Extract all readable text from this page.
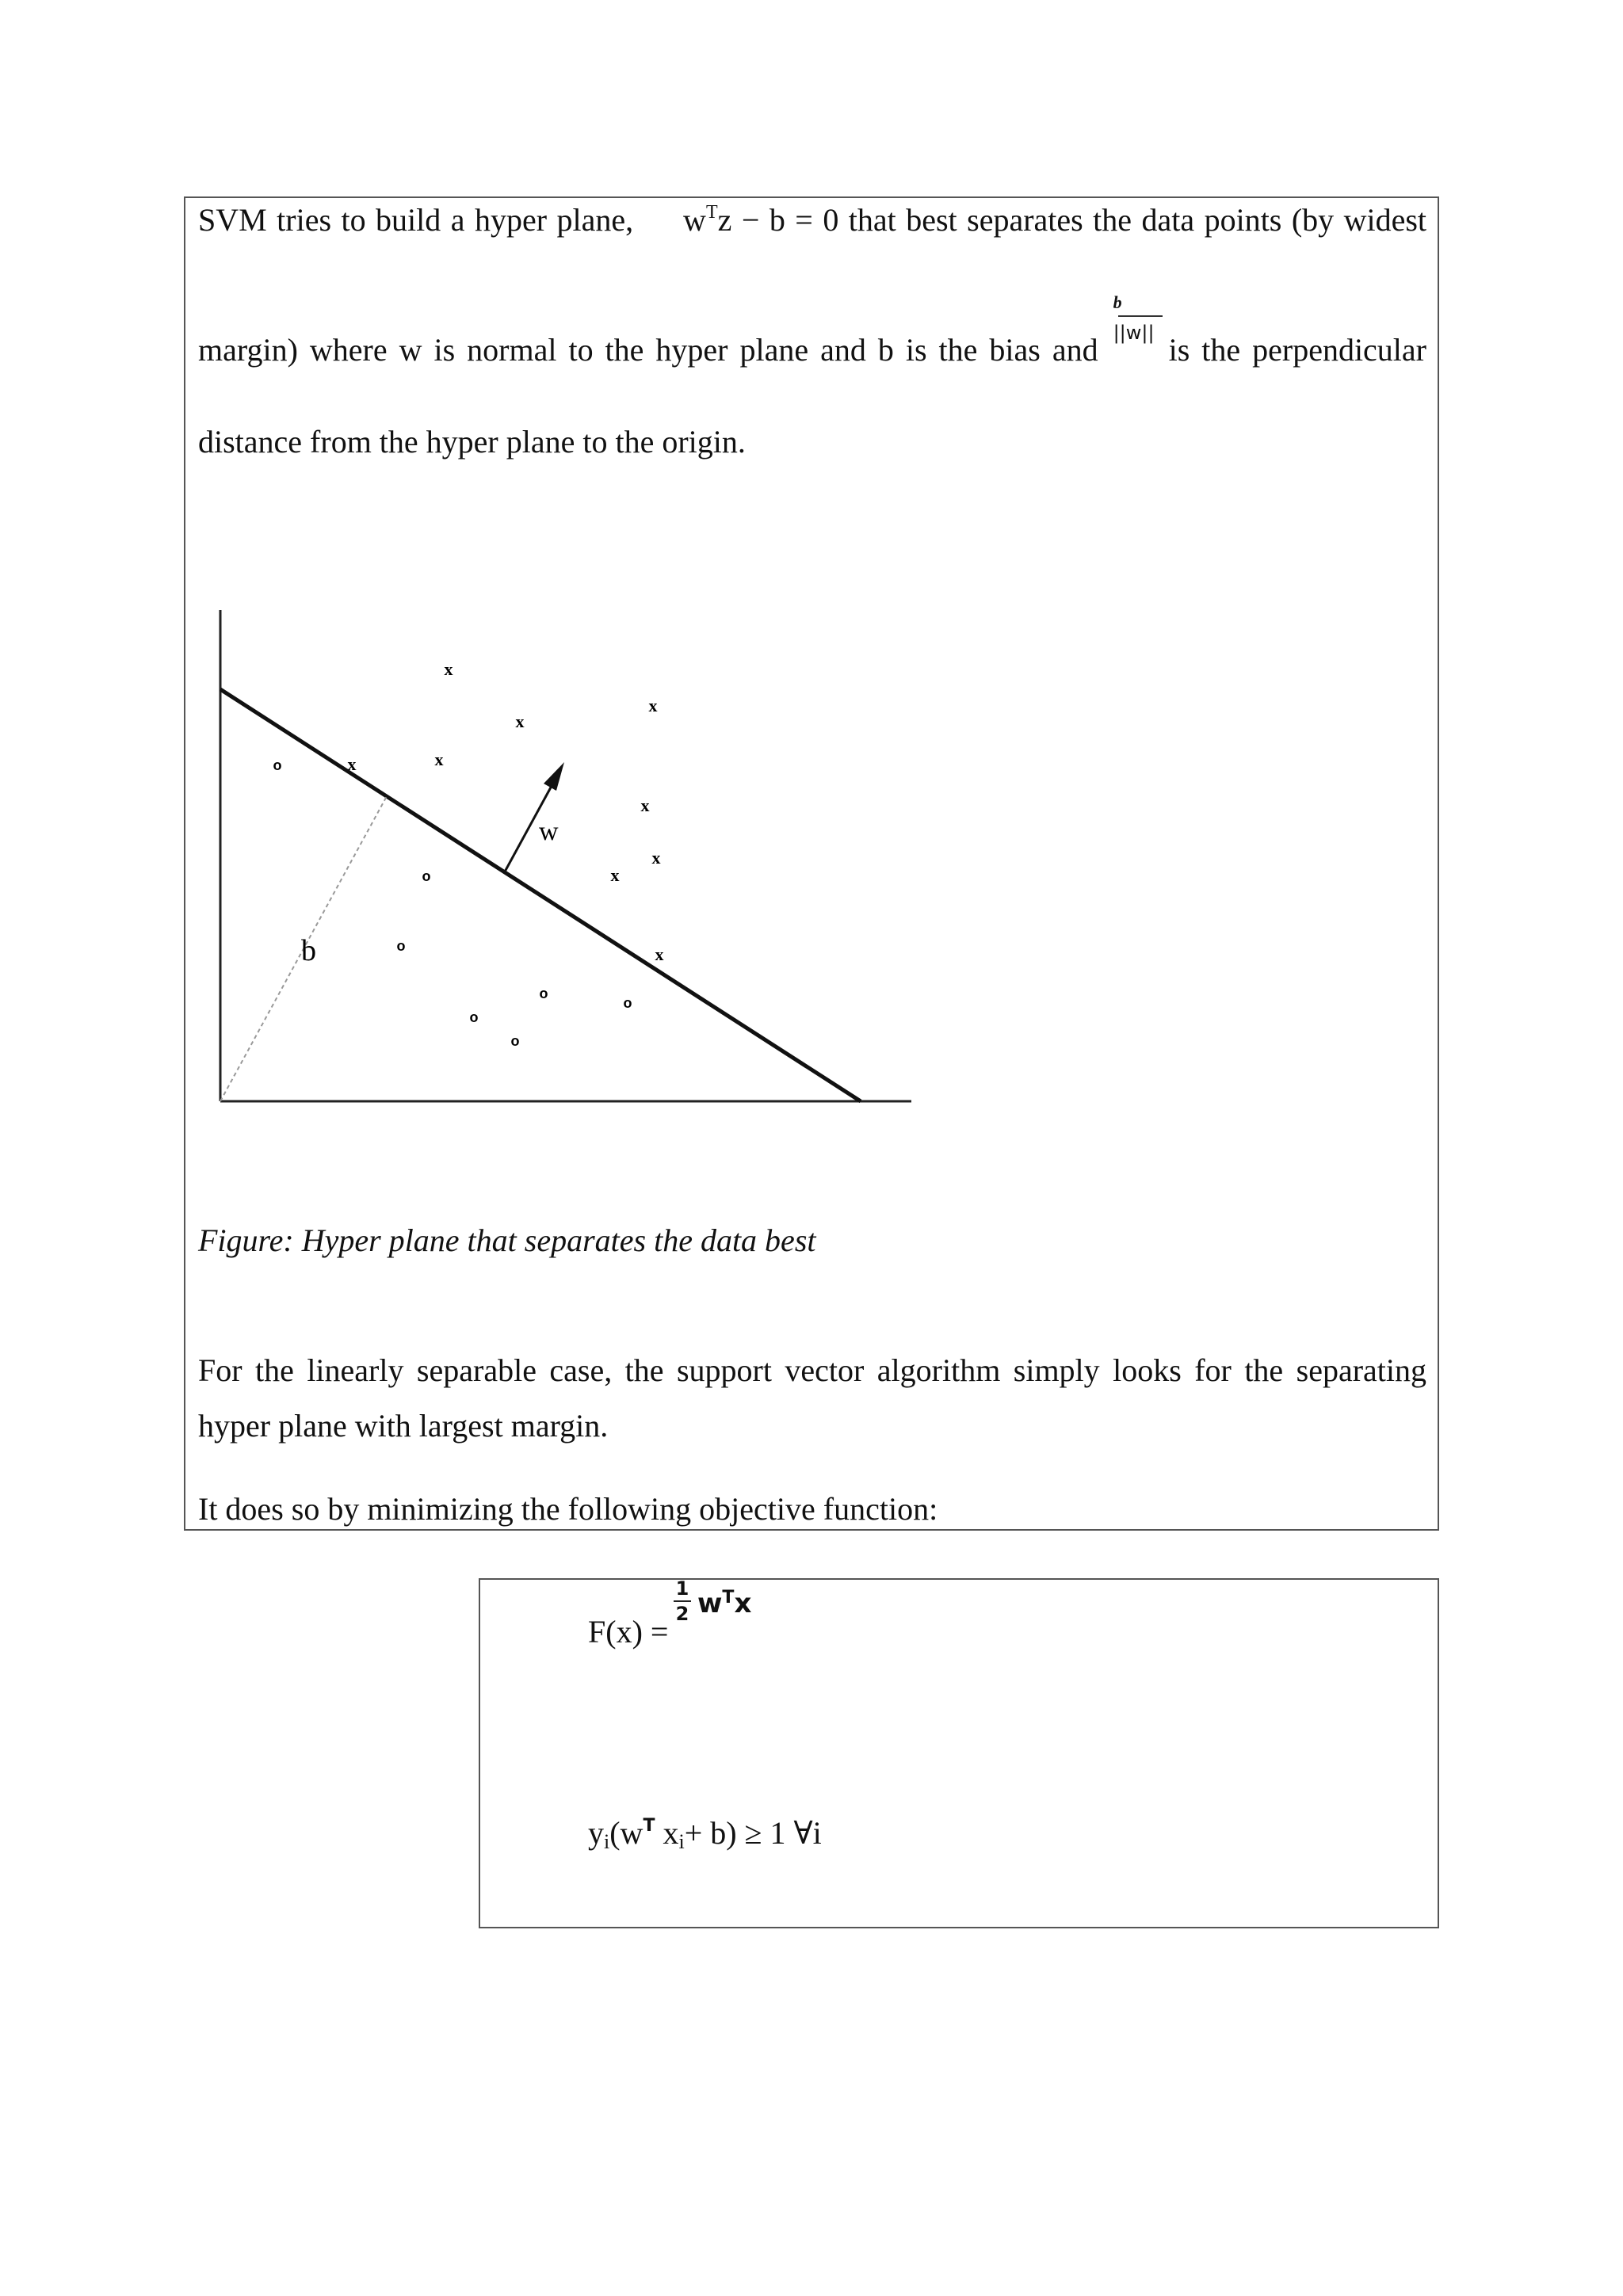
SVM tries to build a hyper plane, $w^Tz - b = 0$ that best separates the data points (by widest
margin) where w is normal to the hyper plane and b is the bias and $\frac{b}{||w||}$ is the perpendicular
distance from the hyper plane to the origin.
w
b
x
x
x
x
x
x
x
x
x
o
o
o
o
o
o
o
Figure: Hyper plane that separates the data best
For the linearly separable case, the support vector algorithm simply looks for the separating
hyper plane with largest margin.
It does so by minimizing the following objective function:
F(x) =
1
2 $w^Tx$
$y_i(w^T$ $x_i+ b) \ge 1$ ∀i
